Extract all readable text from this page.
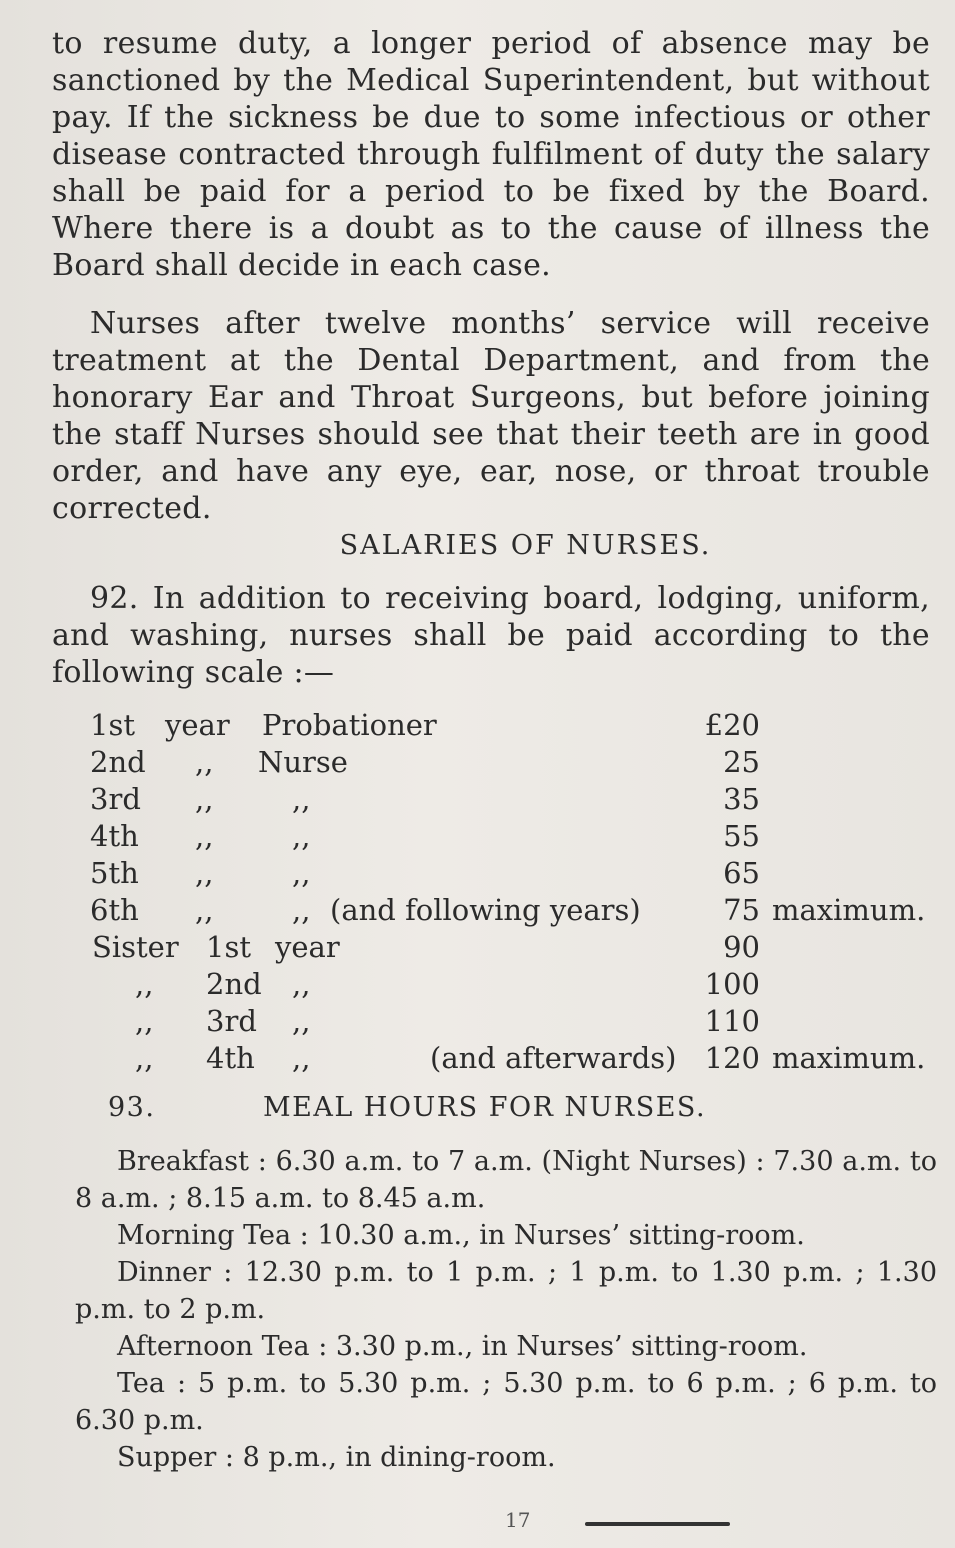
to resume duty, a longer period of absence may be sanctioned by the Medical Superintendent, but without pay. If the sickness be due to some infectious or other disease contracted through fulfilment of duty the salary shall be paid for a period to be fixed by the Board. Where there is a doubt as to the cause of illness the Board shall decide in each case.

Nurses after twelve months’ service will receive treatment at the Dental Department, and from the honorary Ear and Throat Surgeons, but before joining the staff Nurses should see that their teeth are in good order, and have any eye, ear, nose, or throat trouble corrected.

SALARIES OF NURSES.

92. In addition to receiving board, lodging, uniform, and washing, nurses shall be paid according to the following scale :—

1st year Probationer	£20
2nd ,, Nurse	25
3rd ,,	,,	35
4th ,,	,,	55
5th ,,	,,	65
6th ,,	,, (and following years)	75 maximum.
Sister 1st year	90
,, 2nd ,,	100
,, 3rd ,,	110
,, 4th ,,	(and afterwards) 120 maximum.
93.	MEAL HOURS FOR NURSES.

Breakfast : 6.30 a.m. to 7 a.m. (Night Nurses) : 7.30 a.m. to 8 a.m. ; 8.15 a.m. to 8.45 a.m.

Morning Tea : 10.30 a.m., in Nurses’ sitting-room.

Dinner : 12.30 p.m. to 1 p.m. ; 1 p.m. to 1.30 p.m. ; 1.30 p.m. to 2 p.m.

Afternoon Tea : 3.30 p.m., in Nurses’ sitting-room.

Tea : 5 p.m. to 5.30 p.m. ; 5.30 p.m. to 6 p.m. ; 6 p.m. to 6.30 p.m.

Supper : 8 p.m., in dining-room.

17
